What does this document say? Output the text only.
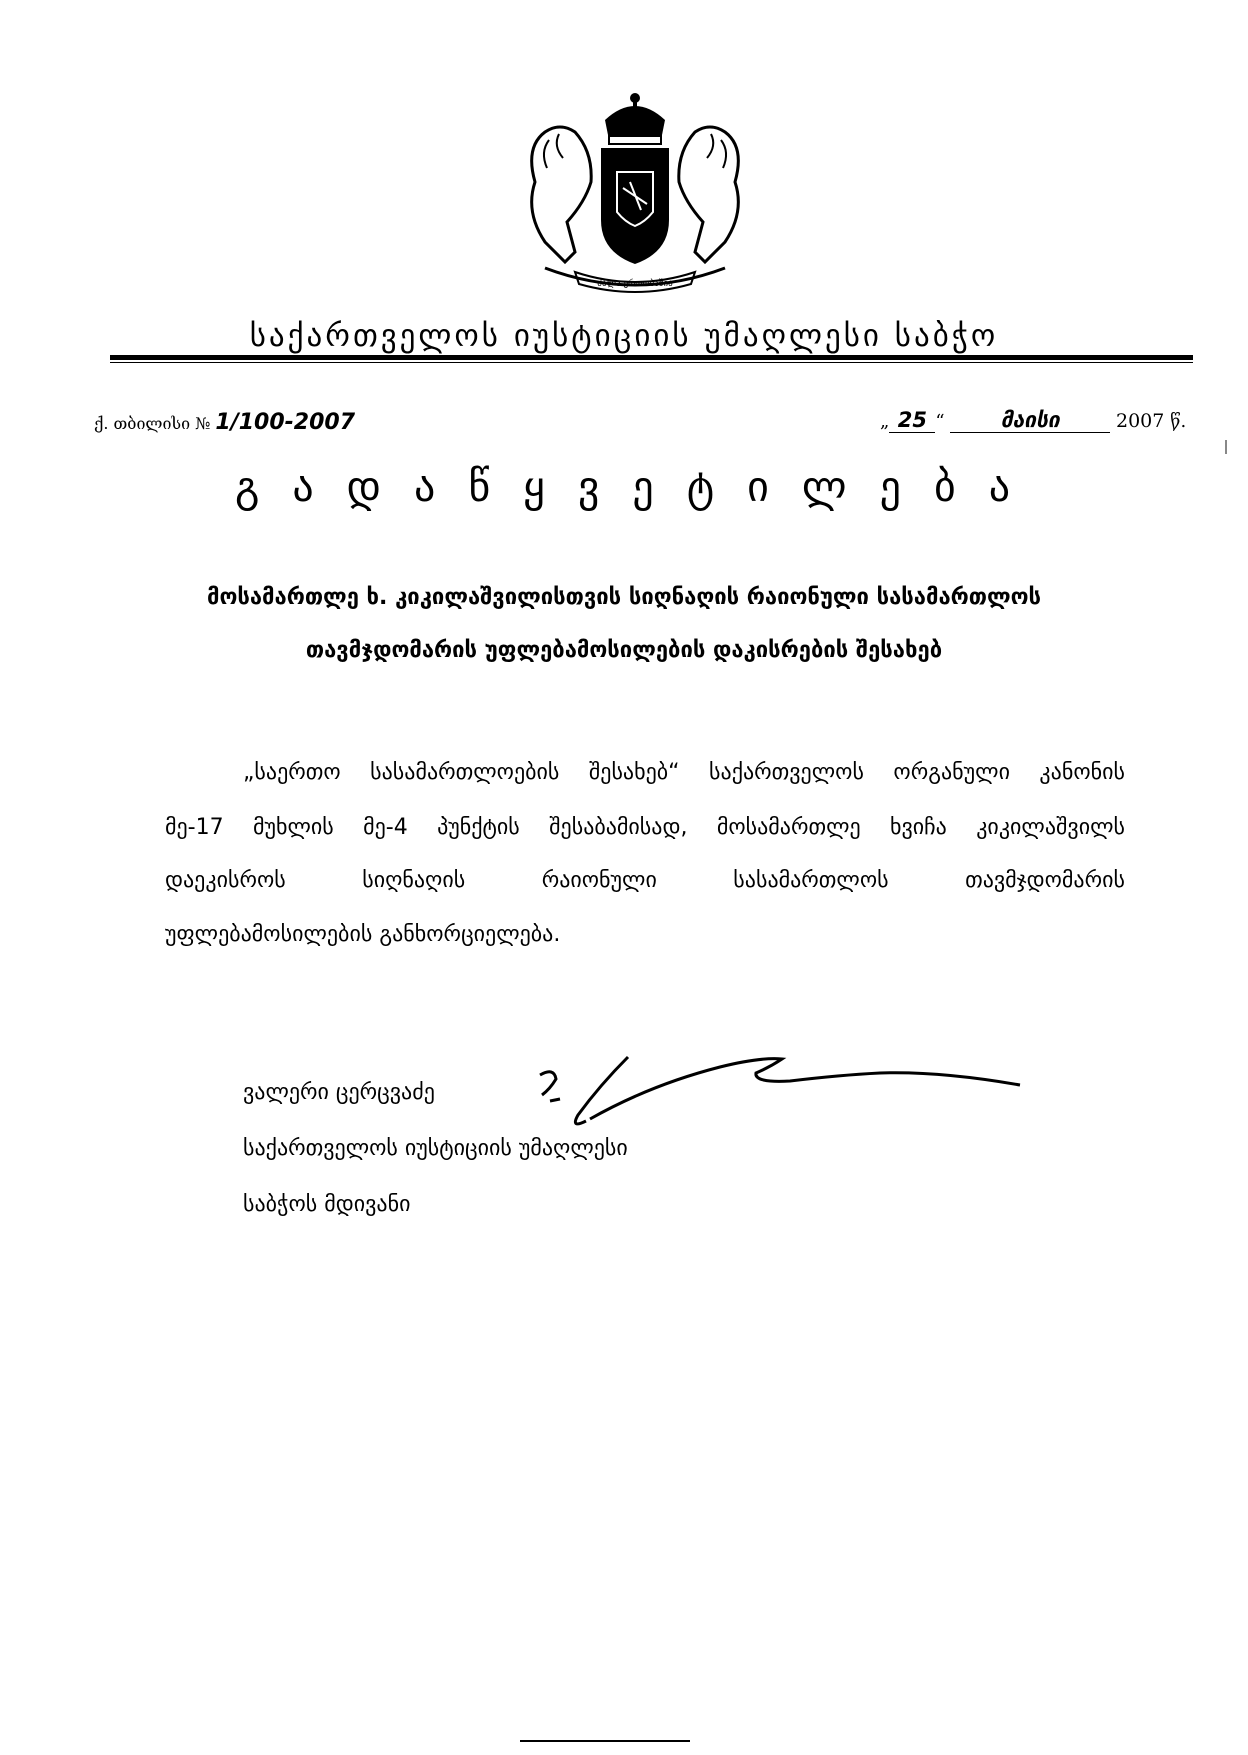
ძალა ერთობაშია
საქართველოს იუსტიციის უმაღლესი საბჭო
ქ. თბილისი № 1/100-2007	„ 25 “	მაისი	2007 წ.
გადაწყვეტილება
მოსამართლე ხ. კიკილაშვილისთვის სიღნაღის რაიონული სასამართლოს
თავმჯდომარის უფლებამოსილების დაკისრების შესახებ
„საერთო სასამართლოების შესახებ“ საქართველოს ორგანული კანონის
მე-17 მუხლის მე-4 პუნქტის შესაბამისად, მოსამართლე ხვიჩა კიკილაშვილს
დაეკისროს	სიღნაღის	რაიონული	სასამართლოს	თავმჯდომარის
უფლებამოსილების განხორციელება.
ვალერი ცერცვაძე
საქართველოს იუსტიციის უმაღლესი
საბჭოს მდივანი
